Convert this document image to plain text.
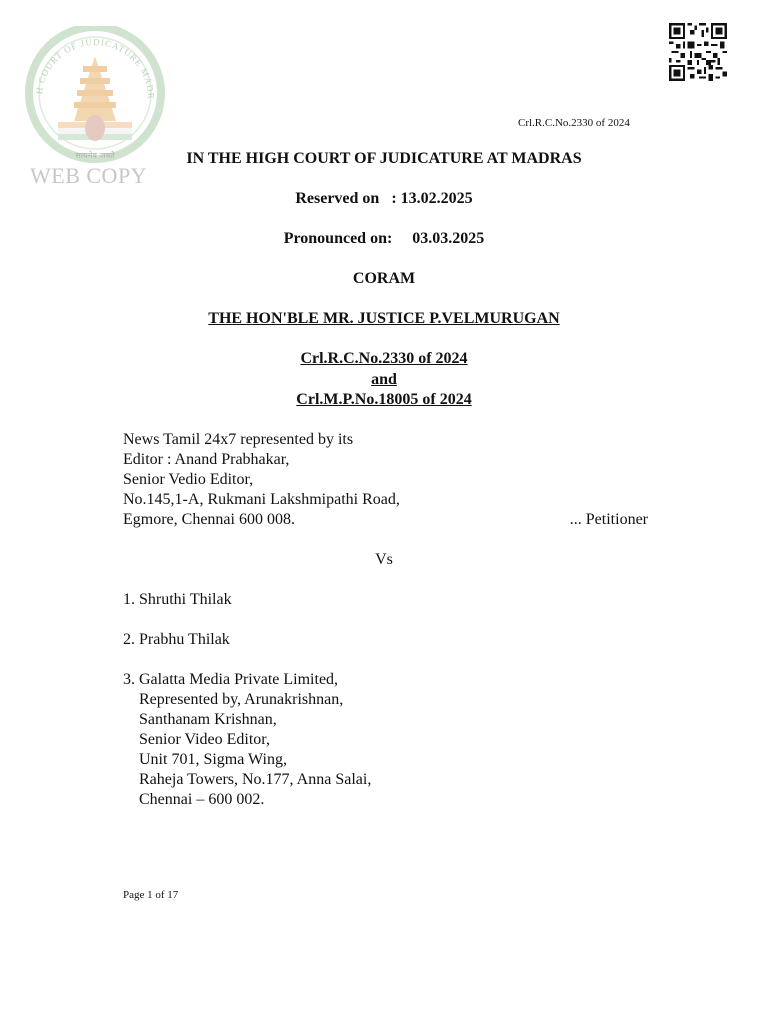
H COURT OF JUDICATURE MADR
सत्यमेव जयते
WEB COPY
Crl.R.C.No.2330 of 2024
IN THE HIGH COURT OF JUDICATURE AT MADRAS
Reserved on   : 13.02.2025
Pronounced on:     03.03.2025
CORAM
THE HON'BLE MR. JUSTICE P.VELMURUGAN
Crl.R.C.No.2330 of 2024
and
Crl.M.P.No.18005 of 2024
News Tamil 24x7 represented by its
Editor : Anand Prabhakar,
Senior Vedio Editor,
No.145,1-A, Rukmani Lakshmipathi Road,
Egmore, Chennai 600 008.	... Petitioner
Vs
1. Shruthi Thilak
2. Prabhu Thilak
3. Galatta Media Private Limited,
Represented by, Arunakrishnan,
Santhanam Krishnan,
Senior Video Editor,
Unit 701, Sigma Wing,
Raheja Towers, No.177, Anna Salai,
Chennai – 600 002.
Page 1 of 17
